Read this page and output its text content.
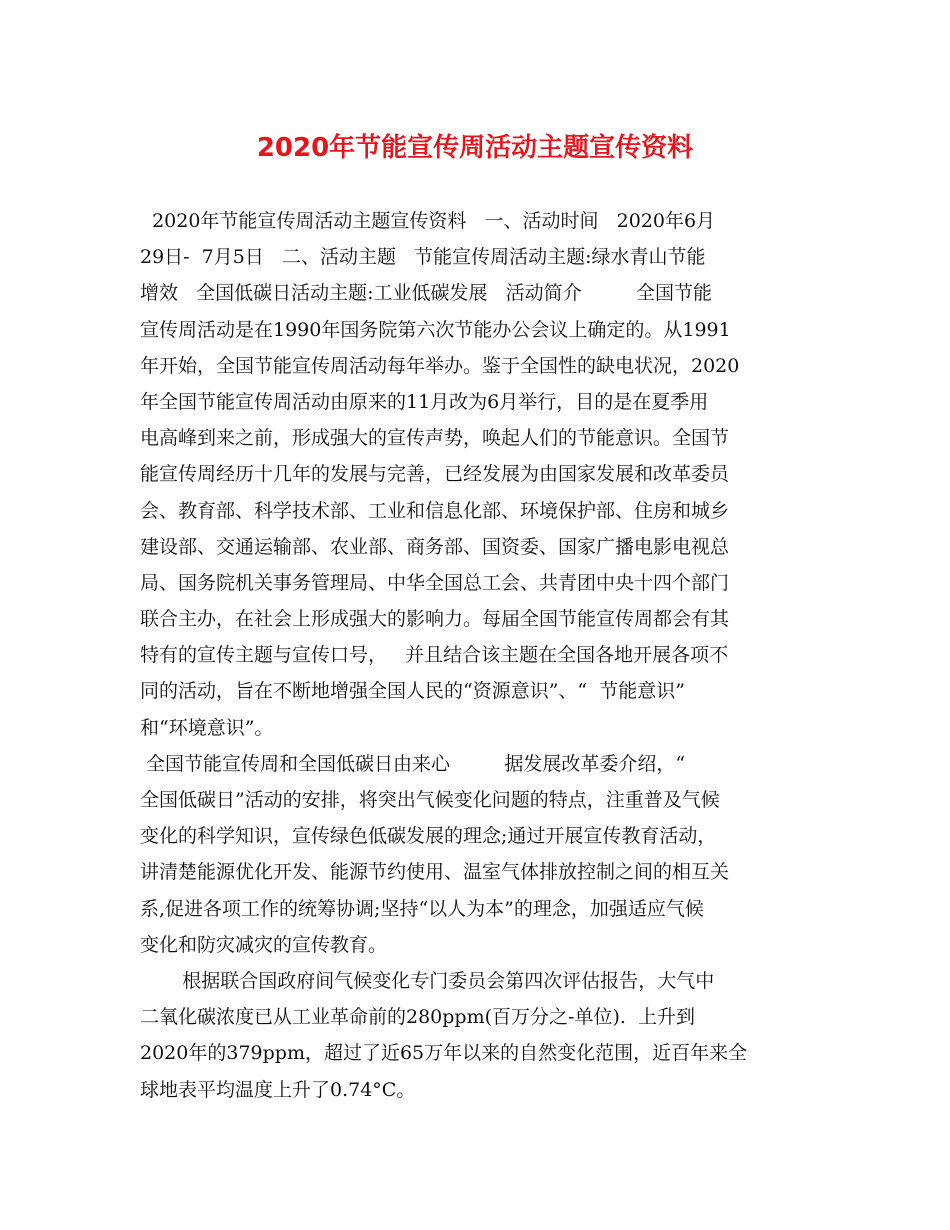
2020年节能宣传周活动主题宣传资料
2020年节能宣传周活动主题宣传资料   一、活动时间   2020年6月
29日-  7月5日   二、活动主题   节能宣传周活动主题:绿水青山节能
增效   全国低碳日活动主题:工业低碳发展   活动简介         全国节能
宣传周活动是在1990年国务院第六次节能办公会议上确定的。从1991
年开始，全国节能宣传周活动每年举办。鉴于全国性的缺电状况，2020
年全国节能宣传周活动由原来的11月改为6月举行，目的是在夏季用
电高峰到来之前，形成强大的宣传声势，唤起人们的节能意识。全国节
能宣传周经历十几年的发展与完善，已经发展为由国家发展和改革委员
会、教育部、科学技术部、工业和信息化部、环境保护部、住房和城乡
建设部、交通运输部、农业部、商务部、国资委、国家广播电影电视总
局、国务院机关事务管理局、中华全国总工会、共青团中央十四个部门
联合主办，在社会上形成强大的影响力。每届全国节能宣传周都会有其
特有的宣传主题与宣传口号，   并且结合该主题在全国各地开展各项不
同的活动，旨在不断地增强全国人民的“资源意识”、“  节能意识”
和“环境意识”。
全国节能宣传周和全国低碳日由来心         据发展改革委介绍，“
全国低碳日”活动的安排，将突出气候变化问题的特点，注重普及气候
变化的科学知识，宣传绿色低碳发展的理念;通过开展宣传教育活动，
讲清楚能源优化开发、能源节约使用、温室气体排放控制之间的相互关
系,促进各项工作的统筹协调;坚持“以人为本”的理念，加强适应气候
变化和防灾减灾的宣传教育。
根据联合国政府间气候变化专门委员会第四次评估报告，大气中
二氧化碳浓度已从工业革命前的280ppm(百万分之-单位).  上升到
2020年的379ppm，超过了近65万年以来的自然变化范围，近百年来全
球地表平均温度上升了0.74°C。
